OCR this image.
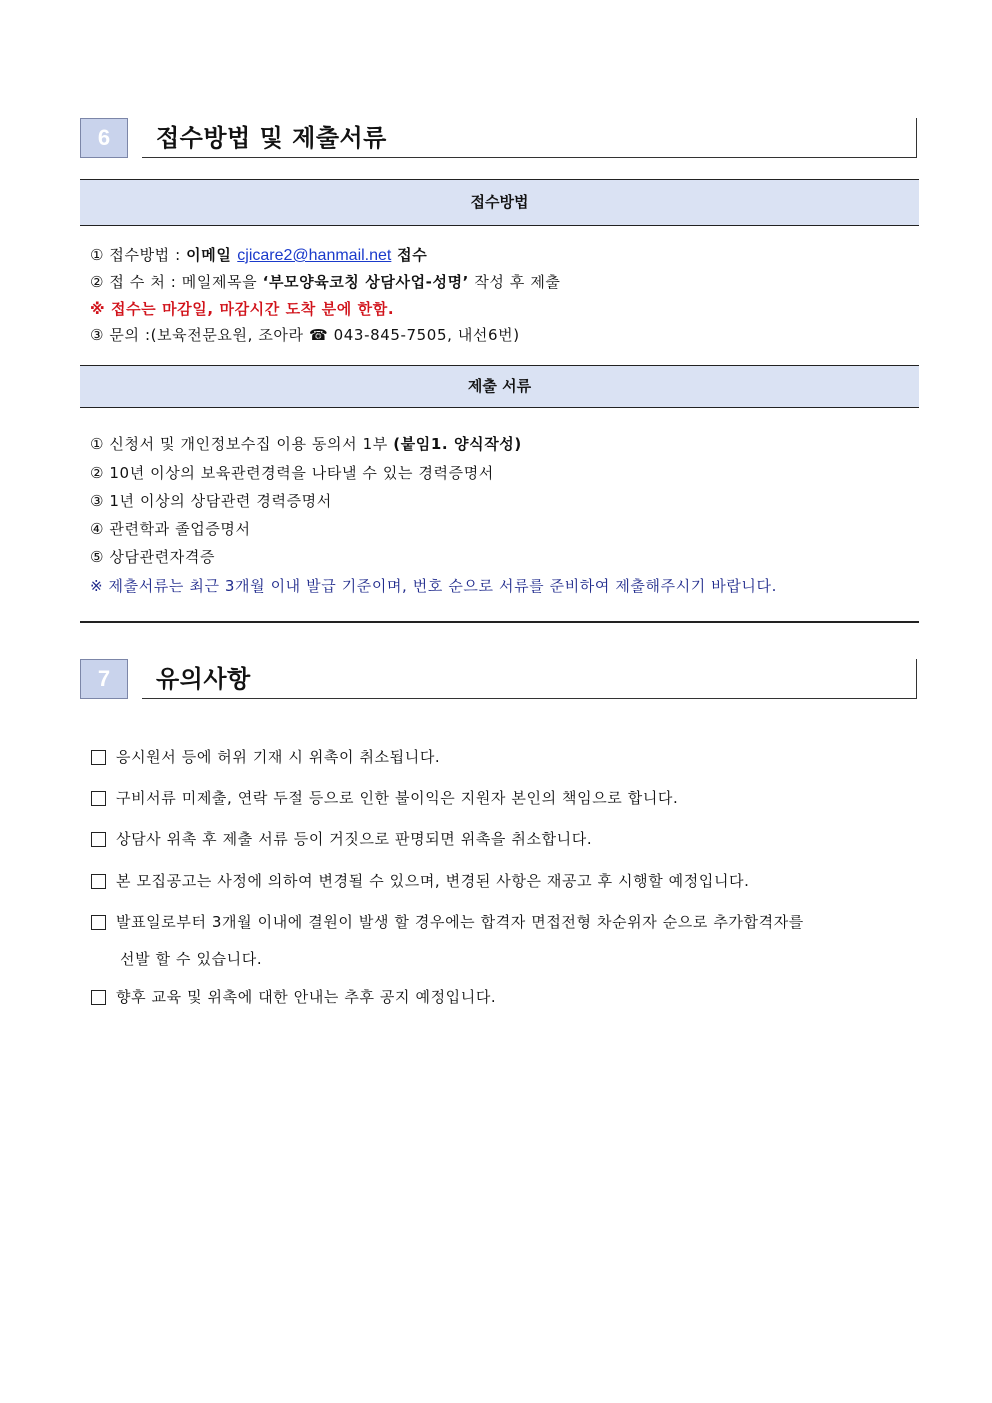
6	접수방법 및 제출서류
접수방법
① 접수방법 : 이메일 cjicare2@hanmail.net 접수
② 접 수 처 : 메일제목을 ‘부모양육코칭 상담사업-성명’ 작성 후 제출
※ 접수는 마감일, 마감시간 도착 분에 한함.
③ 문의 :(보육전문요원, 조아라 ☎ 043-845-7505, 내선6번)
제출 서류
① 신청서 및 개인정보수집 이용 동의서 1부 (붙임1. 양식작성)
② 10년 이상의 보육관련경력을 나타낼 수 있는 경력증명서
③ 1년 이상의 상담관련 경력증명서
④ 관련학과 졸업증명서
⑤ 상담관련자격증
※ 제출서류는 최근 3개월 이내 발급 기준이며, 번호 순으로 서류를 준비하여 제출해주시기 바랍니다.
7	유의사항
응시원서 등에 허위 기재 시 위촉이 취소됩니다.
구비서류 미제출, 연락 두절 등으로 인한 불이익은 지원자 본인의 책임으로 합니다.
상담사 위촉 후 제출 서류 등이 거짓으로 판명되면 위촉을 취소합니다.
본 모집공고는 사정에 의하여 변경될 수 있으며, 변경된 사항은 재공고 후 시행할 예정입니다.
발표일로부터 3개월 이내에 결원이 발생 할 경우에는 합격자 면접전형 차순위자 순으로 추가합격자를
선발 할 수 있습니다.
향후 교육 및 위촉에 대한 안내는 추후 공지 예정입니다.
